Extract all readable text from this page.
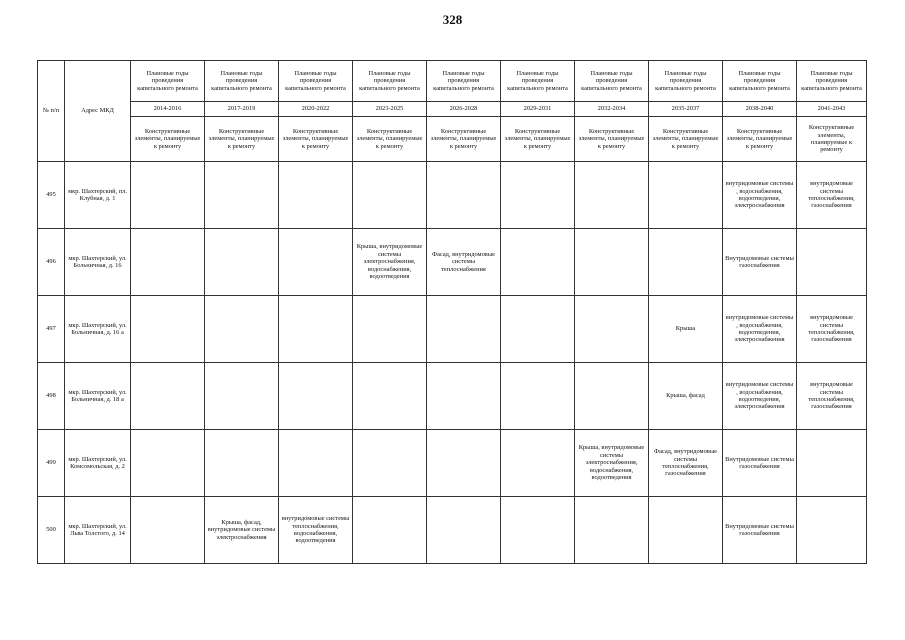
328
№ п/п	Адрес МКД	Плановые годы проведения капитального ремонта	Плановые годы проведения капитального ремонта	Плановые годы проведения капитального ремонта	Плановые годы проведения капитального ремонта	Плановые годы проведения капитального ремонта	Плановые годы проведения капитального ремонта	Плановые годы проведения капитального ремонта	Плановые годы проведения капитального ремонта	Плановые годы проведения капитального ремонта	Плановые годы проведения капитального ремонта
		2014-2016	2017-2019	2020-2022	2023-2025	2026-2028	2029-2031	2032-2034	2035-2037	2038-2040	2041-2043
		Конструктивные элементы, планируемые к ремонту	Конструктивные элементы, планируемые к ремонту	Конструктивные элементы, планируемые к ремонту	Конструктивные элементы, планируемые к ремонту	Конструктивные элементы, планируемые к ремонту	Конструктивные элементы, планируемые к ремонту	Конструктивные элементы, планируемые к ремонту	Конструктивные элементы, планируемые к ремонту	Конструктивные элементы, планируемые к ремонту	Конструктивные элементы, планируемые к ремонту
495	мкр. Шахтерский, пл. Клубная, д. 1									внутридомовые системы , водоснабжения, водоотведения, электроснабжения	внутридомовые системы теплоснабжения, газоснабжения
496	мкр. Шахтерский, ул. Больничная, д. 16				Крыша, внутридомовые системы электроснабжения, водоснабжения, водоотведения	Фасад, внутридомовые системы теплоснабжения				Внутридомовые системы газоснабжения	
497	мкр. Шахтерский, ул. Больничная, д. 16 а								Крыша	внутридомовые системы , водоснабжения, водоотведения, электроснабжения	внутридомовые системы теплоснабжения, газоснабжения
498	мкр. Шахтерский, ул. Больничная, д. 18 а								Крыша, фасад	внутридомовые системы , водоснабжения, водоотведения, электроснабжения	внутридомовые системы теплоснабжения, газоснабжения
499	мкр. Шахтерский, ул. Комсомольская, д. 2							Крыша, внутридомовые системы электроснабжения, водоснабжения, водоотведения	Фасад, внутридомовые системы теплоснабжения, газоснабжения	Внутридомовые системы газоснабжения	
500	мкр. Шахтерский, ул. Льва Толстого, д. 14		Крыша, фасад, внутридомовые системы электроснабжения	внутридомовые системы теплоснабжения, водоснабжения, водоотведения						Внутридомовые системы газоснабжения	
